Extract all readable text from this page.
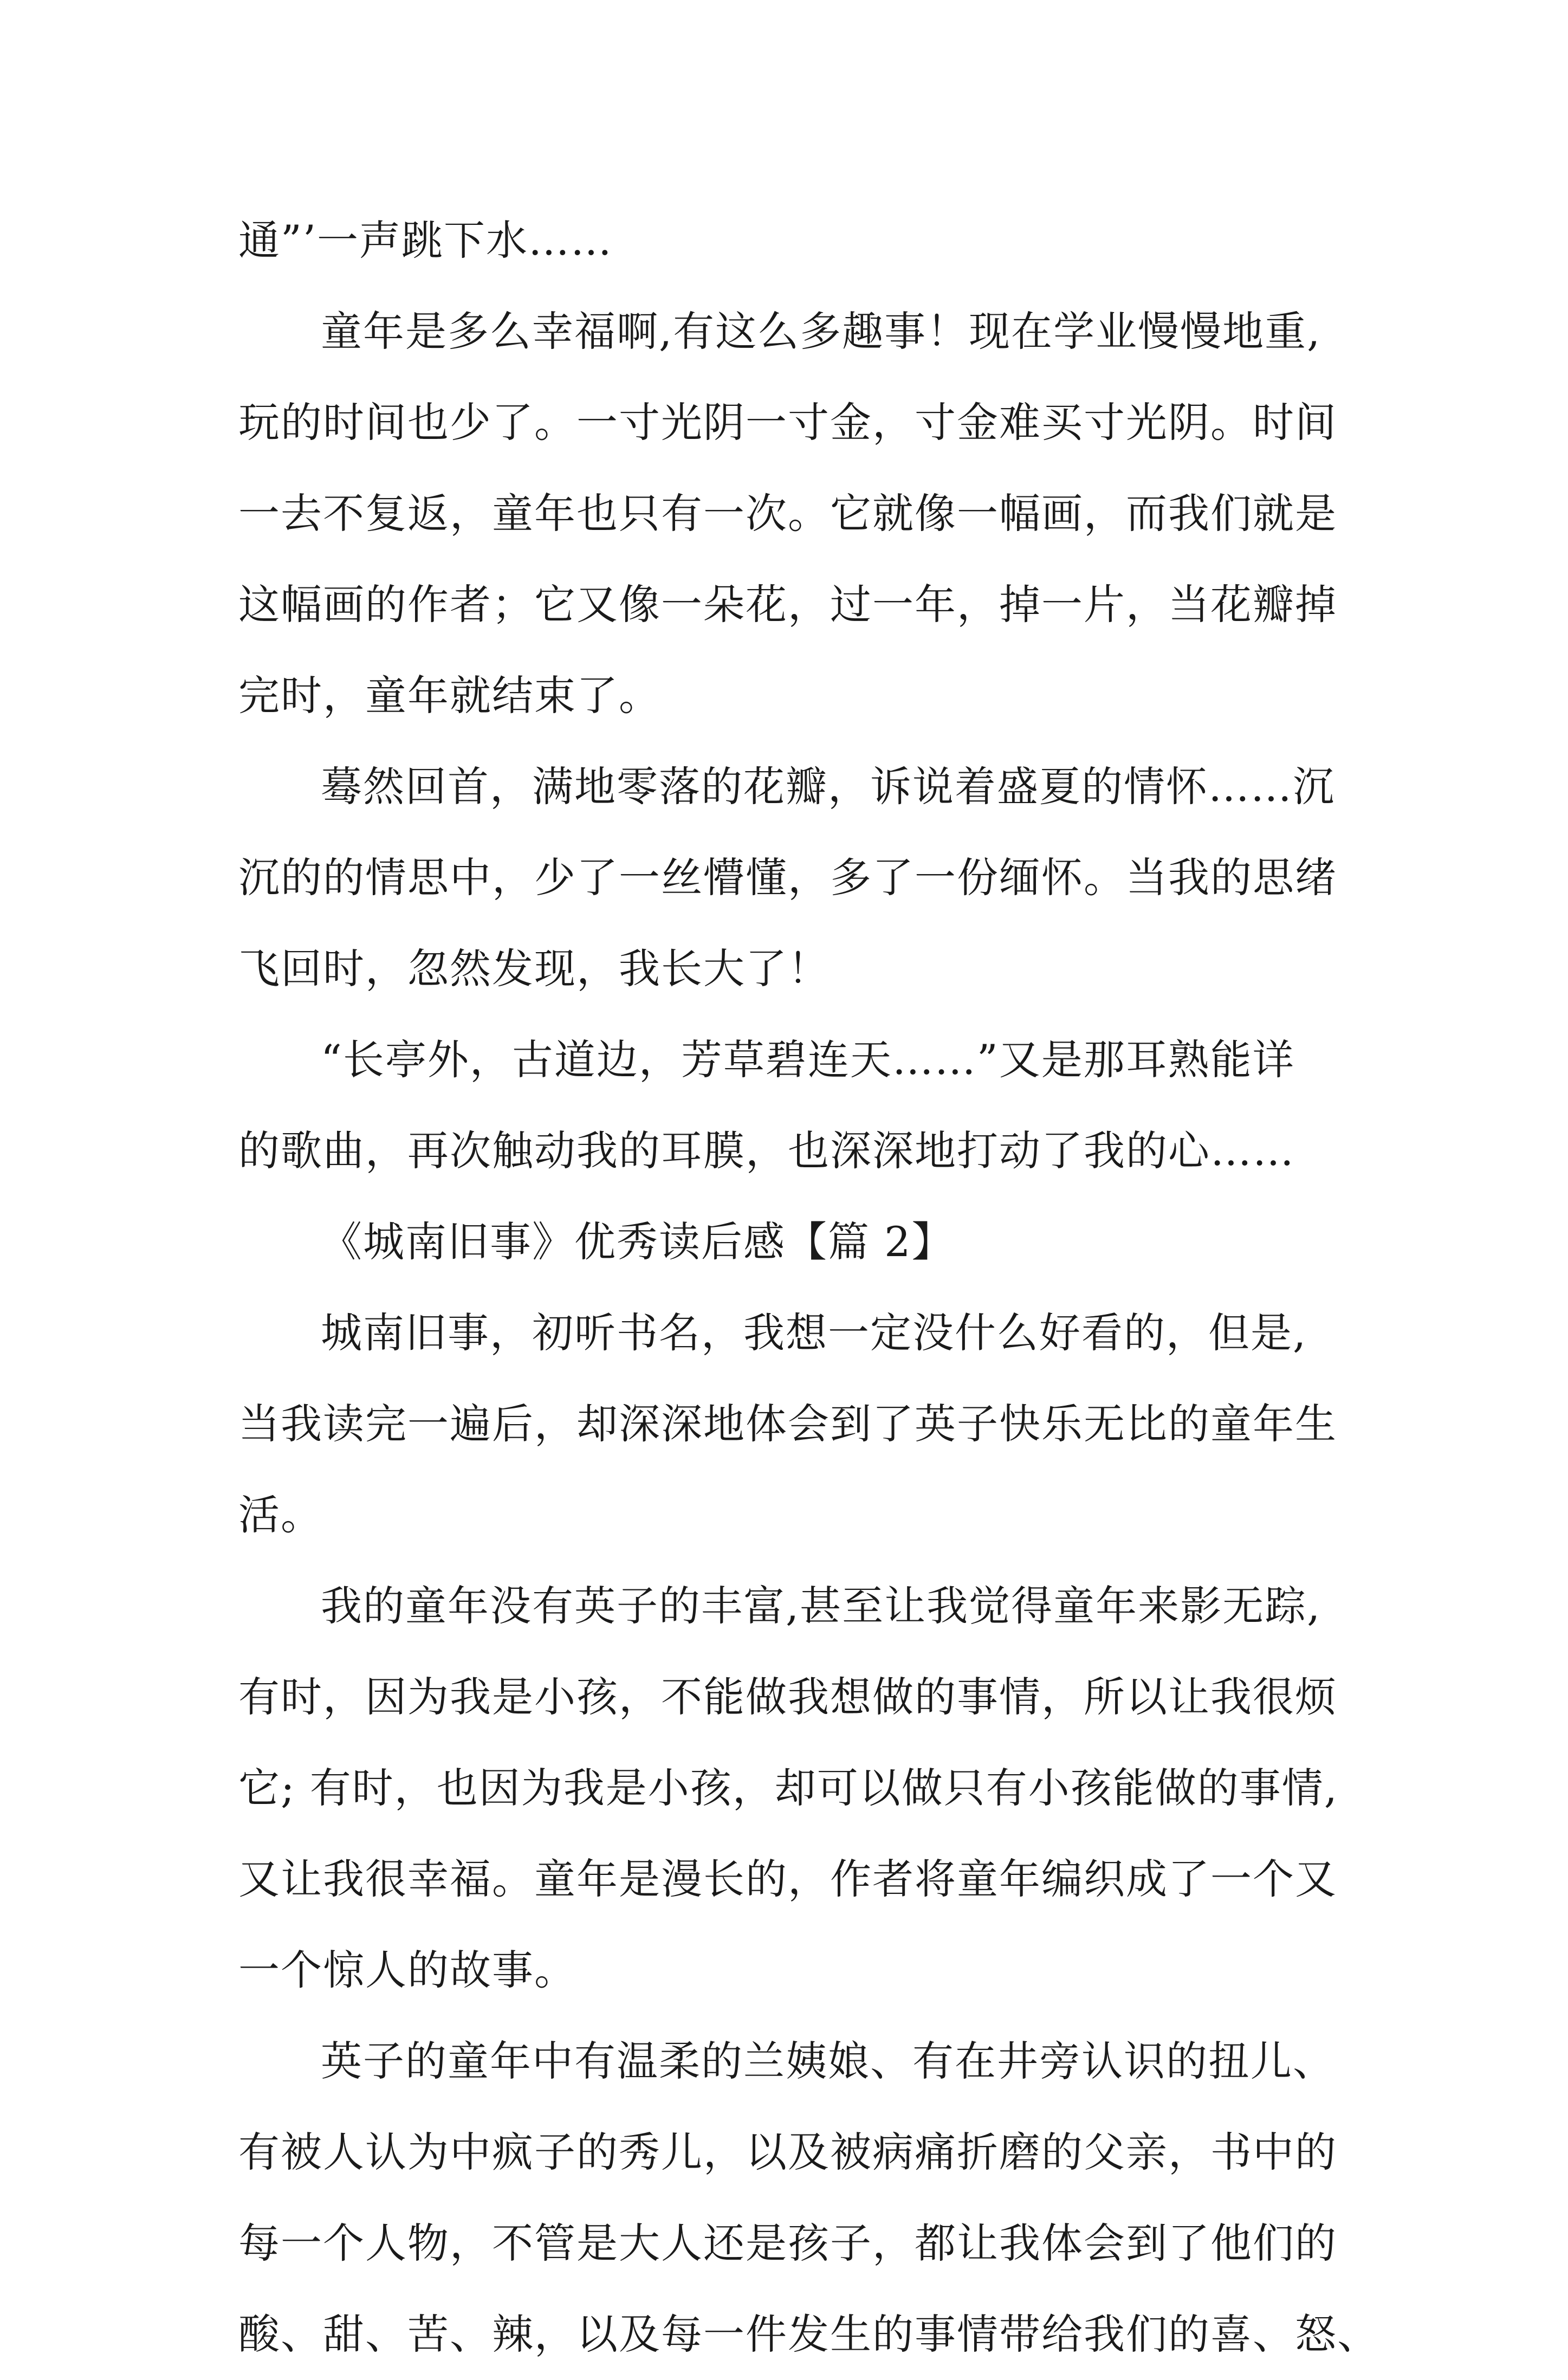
通”’一声跳下水……
童年是多么幸福啊,有这么多趣事！现在学业慢慢地重,
玩的时间也少了。一寸光阴一寸金，寸金难买寸光阴。时间
一去不复返，童年也只有一次。它就像一幅画，而我们就是
这幅画的作者；它又像一朵花，过一年，掉一片，当花瓣掉
完时，童年就结束了。
蓦然回首，满地零落的花瓣，诉说着盛夏的情怀……沉
沉的的情思中，少了一丝懵懂，多了一份缅怀。当我的思绪
飞回时，忽然发现，我长大了！
“长亭外，古道边，芳草碧连天……”又是那耳熟能详
的歌曲，再次触动我的耳膜，也深深地打动了我的心……
《城南旧事》优秀读后感【篇 2】
城南旧事，初听书名，我想一定没什么好看的，但是,
当我读完一遍后，却深深地体会到了英子快乐无比的童年生
活。
我的童年没有英子的丰富,甚至让我觉得童年来影无踪,
有时，因为我是小孩，不能做我想做的事情，所以让我很烦
它; 有时，也因为我是小孩，却可以做只有小孩能做的事情,
又让我很幸福。童年是漫长的，作者将童年编织成了一个又
一个惊人的故事。
英子的童年中有温柔的兰姨娘、有在井旁认识的扭儿、
有被人认为中疯子的秀儿，以及被病痛折磨的父亲，书中的
每一个人物，不管是大人还是孩子，都让我体会到了他们的
酸、甜、苦、辣，以及每一件发生的事情带给我们的喜、怒、
